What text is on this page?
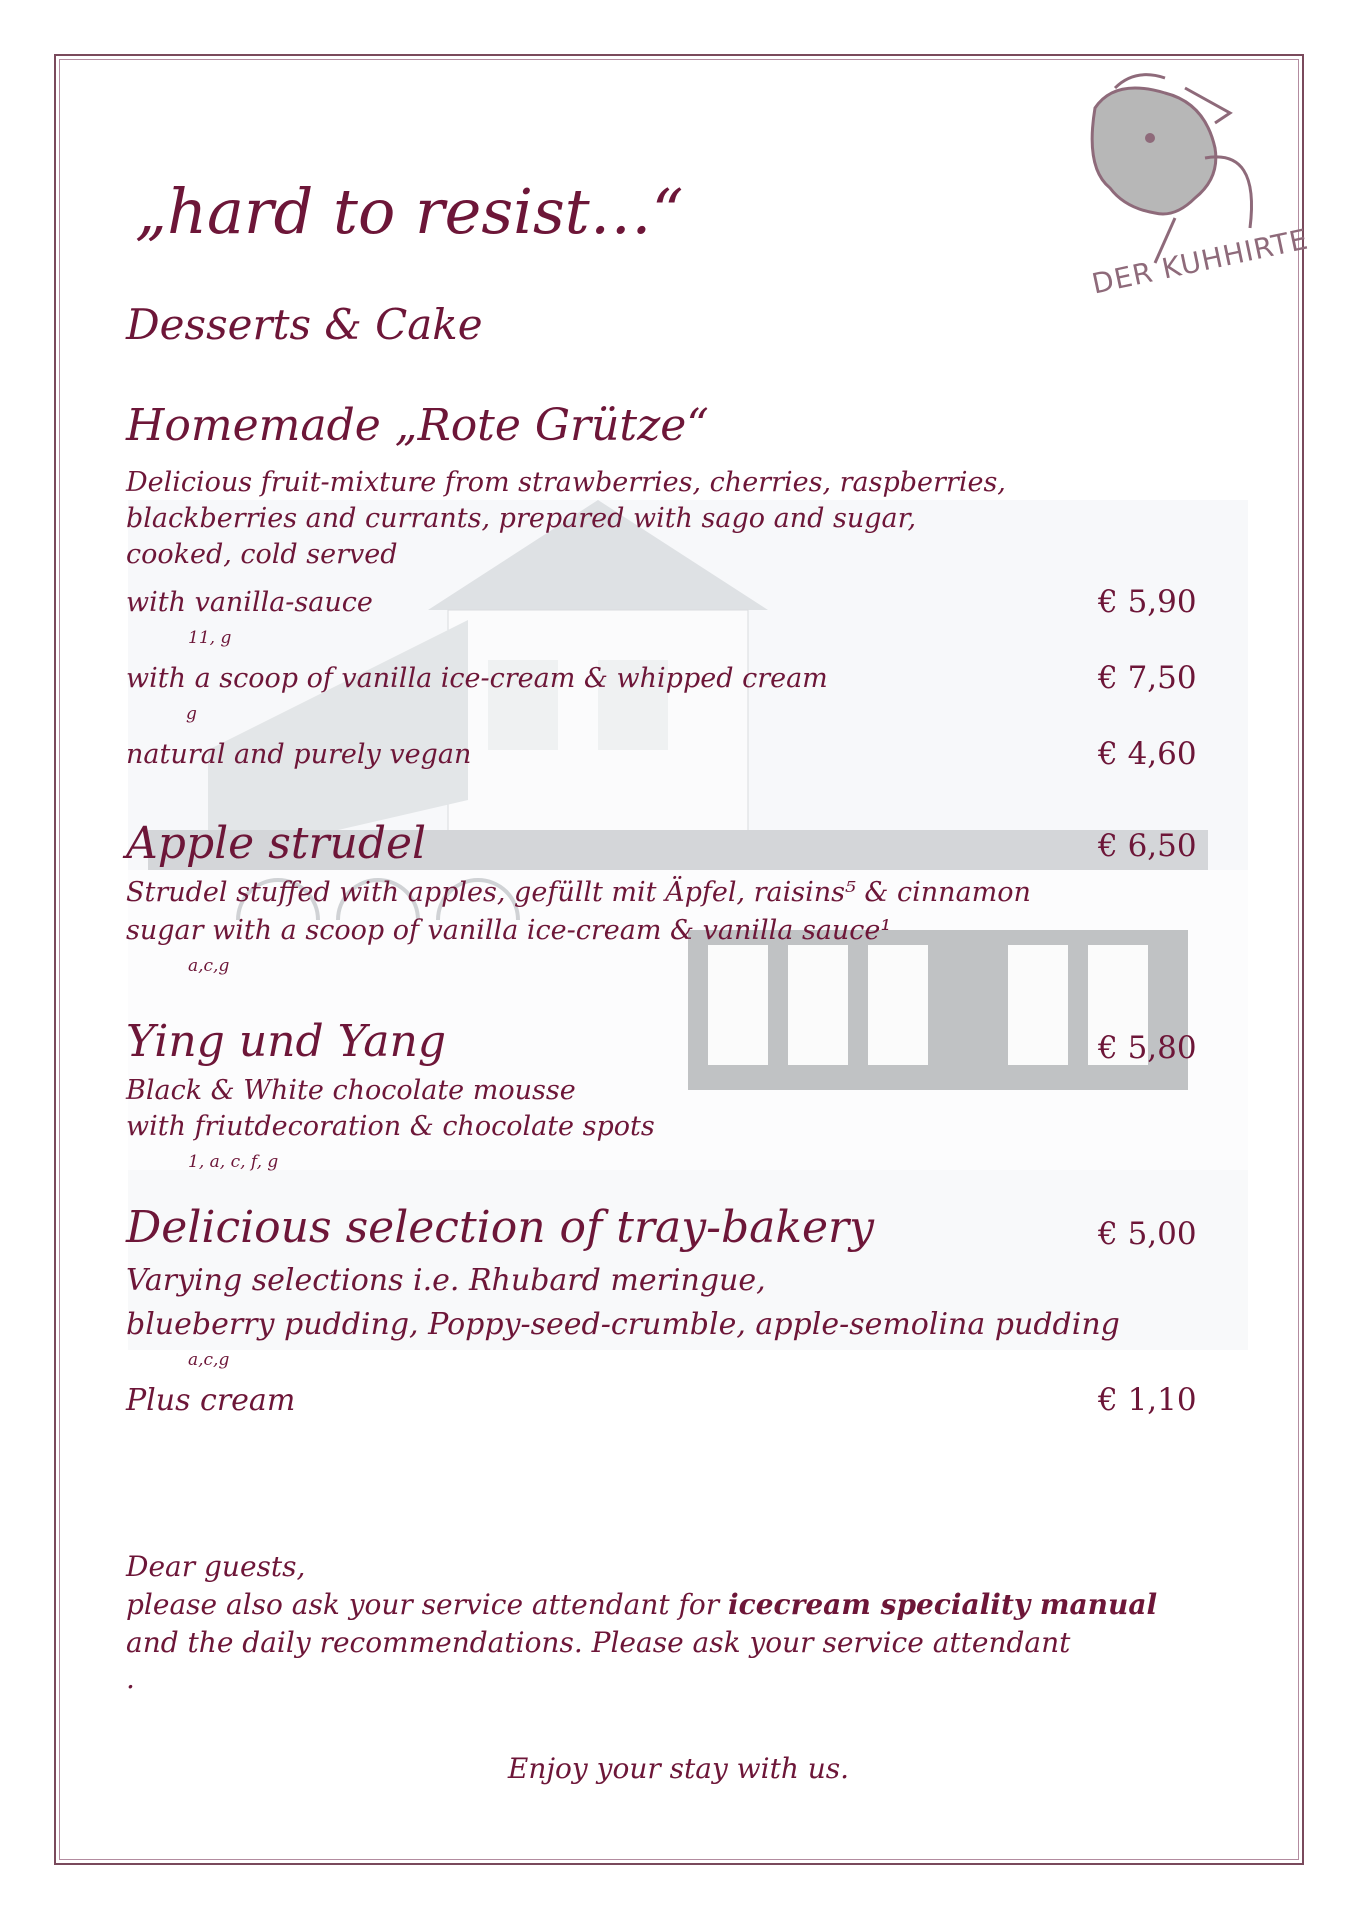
DER KUHHIRTE
„hard to resist…“
Desserts & Cake
Homemade „Rote Grütze“
Delicious fruit-mixture from strawberries, cherries, raspberries,
blackberries and currants, prepared with sago and sugar,
cooked, cold served
with vanilla-sauce	€ 5,90
11, g
with a scoop of vanilla ice-cream & whipped cream	€ 7,50
g
natural and purely vegan	€ 4,60
Apple strudel	€ 6,50
Strudel stuffed with apples, gefüllt mit Äpfel, raisins⁵ & cinnamon
sugar with a scoop of vanilla ice-cream & vanilla sauce¹
a,c,g
Ying und Yang	€ 5,80
Black & White chocolate mousse
with friutdecoration & chocolate spots
1, a, c, f, g
Delicious selection of tray-bakery	€ 5,00
Varying selections i.e. Rhubard meringue,
blueberry pudding, Poppy-seed-crumble, apple-semolina pudding
a,c,g
Plus cream	€ 1,10
Dear guests,
please also ask your service attendant for icecream speciality manual
and the daily recommendations. Please ask your service attendant
.
Enjoy your stay with us.
